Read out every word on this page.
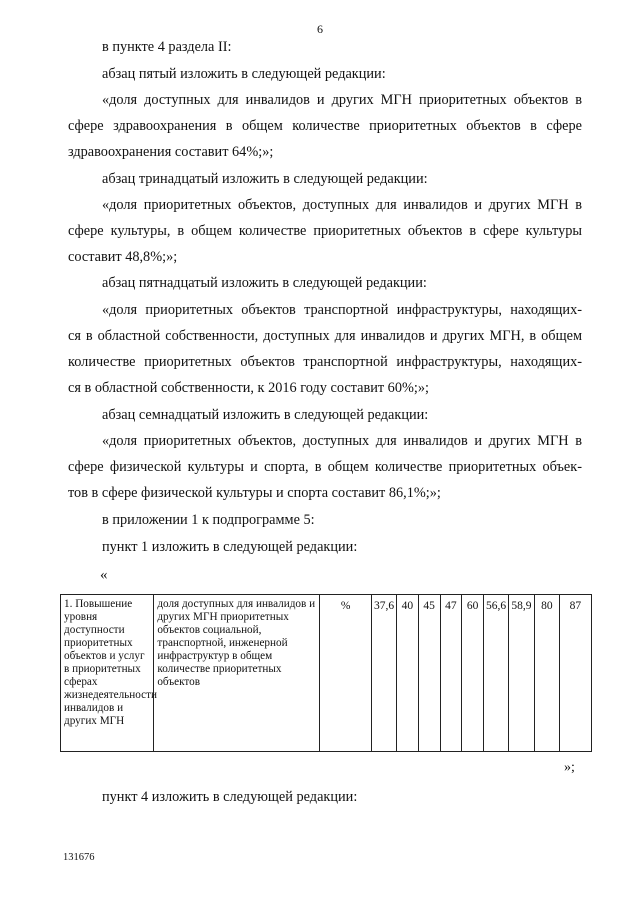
6
в пункте 4 раздела II:
абзац пятый изложить в следующей редакции:
«доля доступных для инвалидов и других МГН приоритетных объектов в
сфере здравоохранения в общем количестве приоритетных объектов в сфере
здравоохранения составит 64%;»;
абзац тринадцатый изложить в следующей редакции:
«доля приоритетных объектов, доступных для инвалидов и других МГН в
сфере культуры, в общем количестве приоритетных объектов в сфере культуры
составит 48,8%;»;
абзац пятнадцатый изложить в следующей редакции:
«доля приоритетных объектов транспортной инфраструктуры, находящих-
ся в областной собственности, доступных для инвалидов и других МГН, в общем
количестве приоритетных объектов транспортной инфраструктуры, находящих-
ся в областной собственности, к 2016 году составит 60%;»;
абзац семнадцатый изложить в следующей редакции:
«доля приоритетных объектов, доступных для инвалидов и других МГН в
сфере физической культуры и спорта, в общем количестве приоритетных объек-
тов в сфере физической культуры и спорта составит 86,1%;»;
в приложении 1 к подпрограмме 5:
пункт 1 изложить в следующей редакции:
«
1. Повышение уровня доступности приоритетных объектов и услуг в приоритетных сферах жизнедеятельности инвалидов и других МГН	доля доступных для инвалидов и других МГН приоритетных объектов социальной, транспортной, инженерной инфраструктур в общем количестве приоритетных объектов	%	37,6	40	45	47	60	56,6	58,9	80	87
»;
пункт 4 изложить в следующей редакции:
131676
